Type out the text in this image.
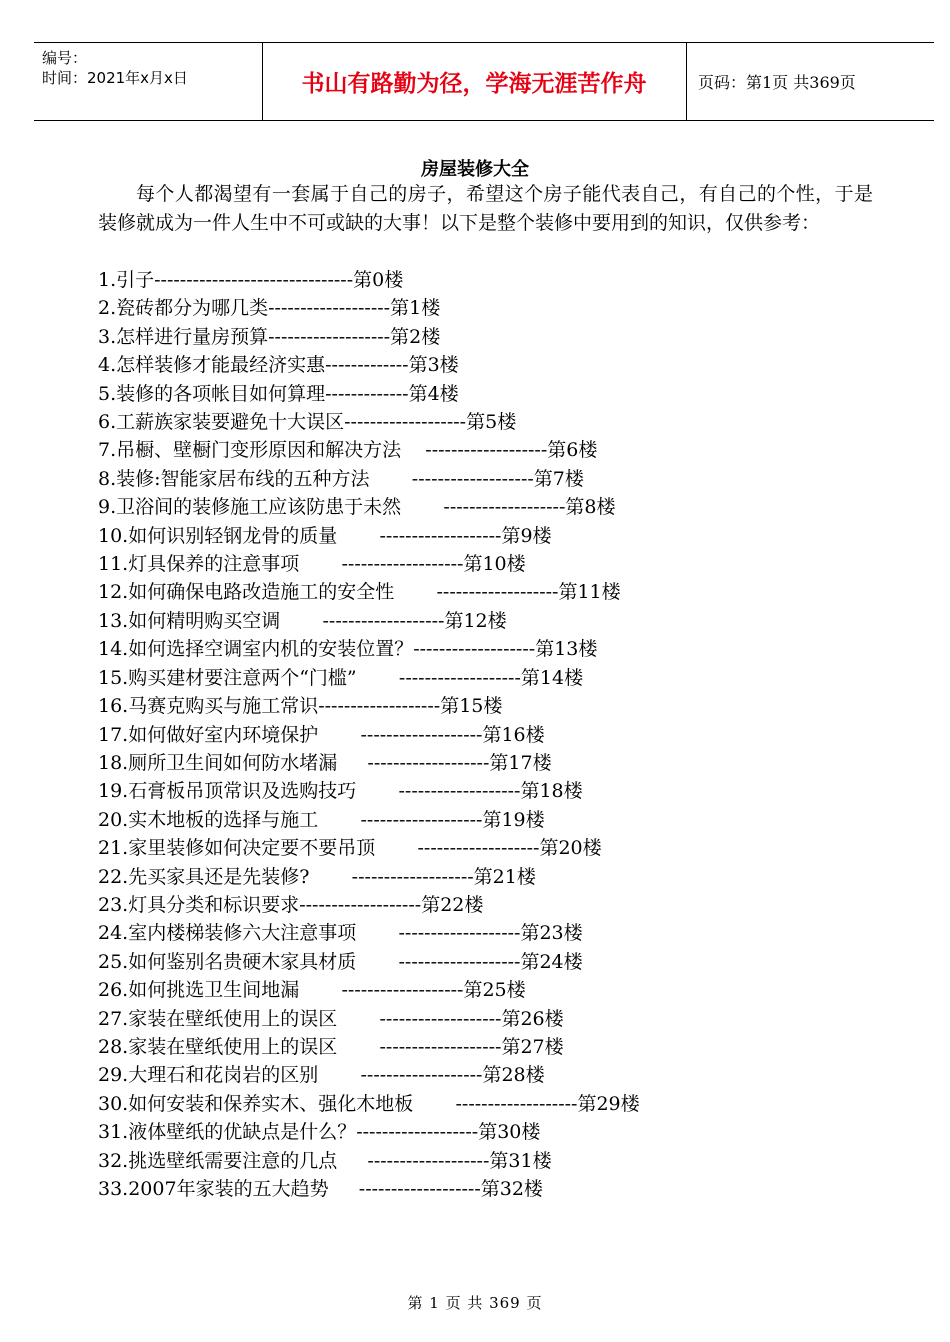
编号：
时间：2021年x月x日	书山有路勤为径，学海无涯苦作舟	页码：第1页 共369页
房屋装修大全
每个人都渴望有一套属于自己的房子，希望这个房子能代表自己，有自己的个性，于是装修就成为一件人生中不可或缺的大事！以下是整个装修中要用到的知识，仅供参考：
1.引子-------------------------------第0楼
2.瓷砖都分为哪几类-------------------第1楼
3.怎样进行量房预算-------------------第2楼
4.怎样装修才能最经济实惠-------------第3楼
5.装修的各项帐目如何算理-------------第4楼
6.工薪族家装要避免十大误区-------------------第5楼
7.吊橱、壁橱门变形原因和解决方法    -------------------第6楼
8.装修:智能家居布线的五种方法       -------------------第7楼
9.卫浴间的装修施工应该防患于未然       -------------------第8楼
10.如何识别轻钢龙骨的质量       -------------------第9楼
11.灯具保养的注意事项       -------------------第10楼
12.如何确保电路改造施工的安全性       -------------------第11楼
13.如何精明购买空调       -------------------第12楼
14.如何选择空调室内机的安装位置？-------------------第13楼
15.购买建材要注意两个“门槛”       -------------------第14楼
16.马赛克购买与施工常识-------------------第15楼
17.如何做好室内环境保护       -------------------第16楼
18.厕所卫生间如何防水堵漏     -------------------第17楼
19.石膏板吊顶常识及选购技巧       -------------------第18楼
20.实木地板的选择与施工       -------------------第19楼
21.家里装修如何决定要不要吊顶       -------------------第20楼
22.先买家具还是先装修?       -------------------第21楼
23.灯具分类和标识要求-------------------第22楼
24.室内楼梯装修六大注意事项       -------------------第23楼
25.如何鉴别名贵硬木家具材质       -------------------第24楼
26.如何挑选卫生间地漏       -------------------第25楼
27.家装在壁纸使用上的误区       -------------------第26楼
28.家装在壁纸使用上的误区       -------------------第27楼
29.大理石和花岗岩的区别       -------------------第28楼
30.如何安装和保养实木、强化木地板       -------------------第29楼
31.液体壁纸的优缺点是什么？-------------------第30楼
32.挑选壁纸需要注意的几点     -------------------第31楼
33.2007年家装的五大趋势     -------------------第32楼
第 1 页 共 369 页
